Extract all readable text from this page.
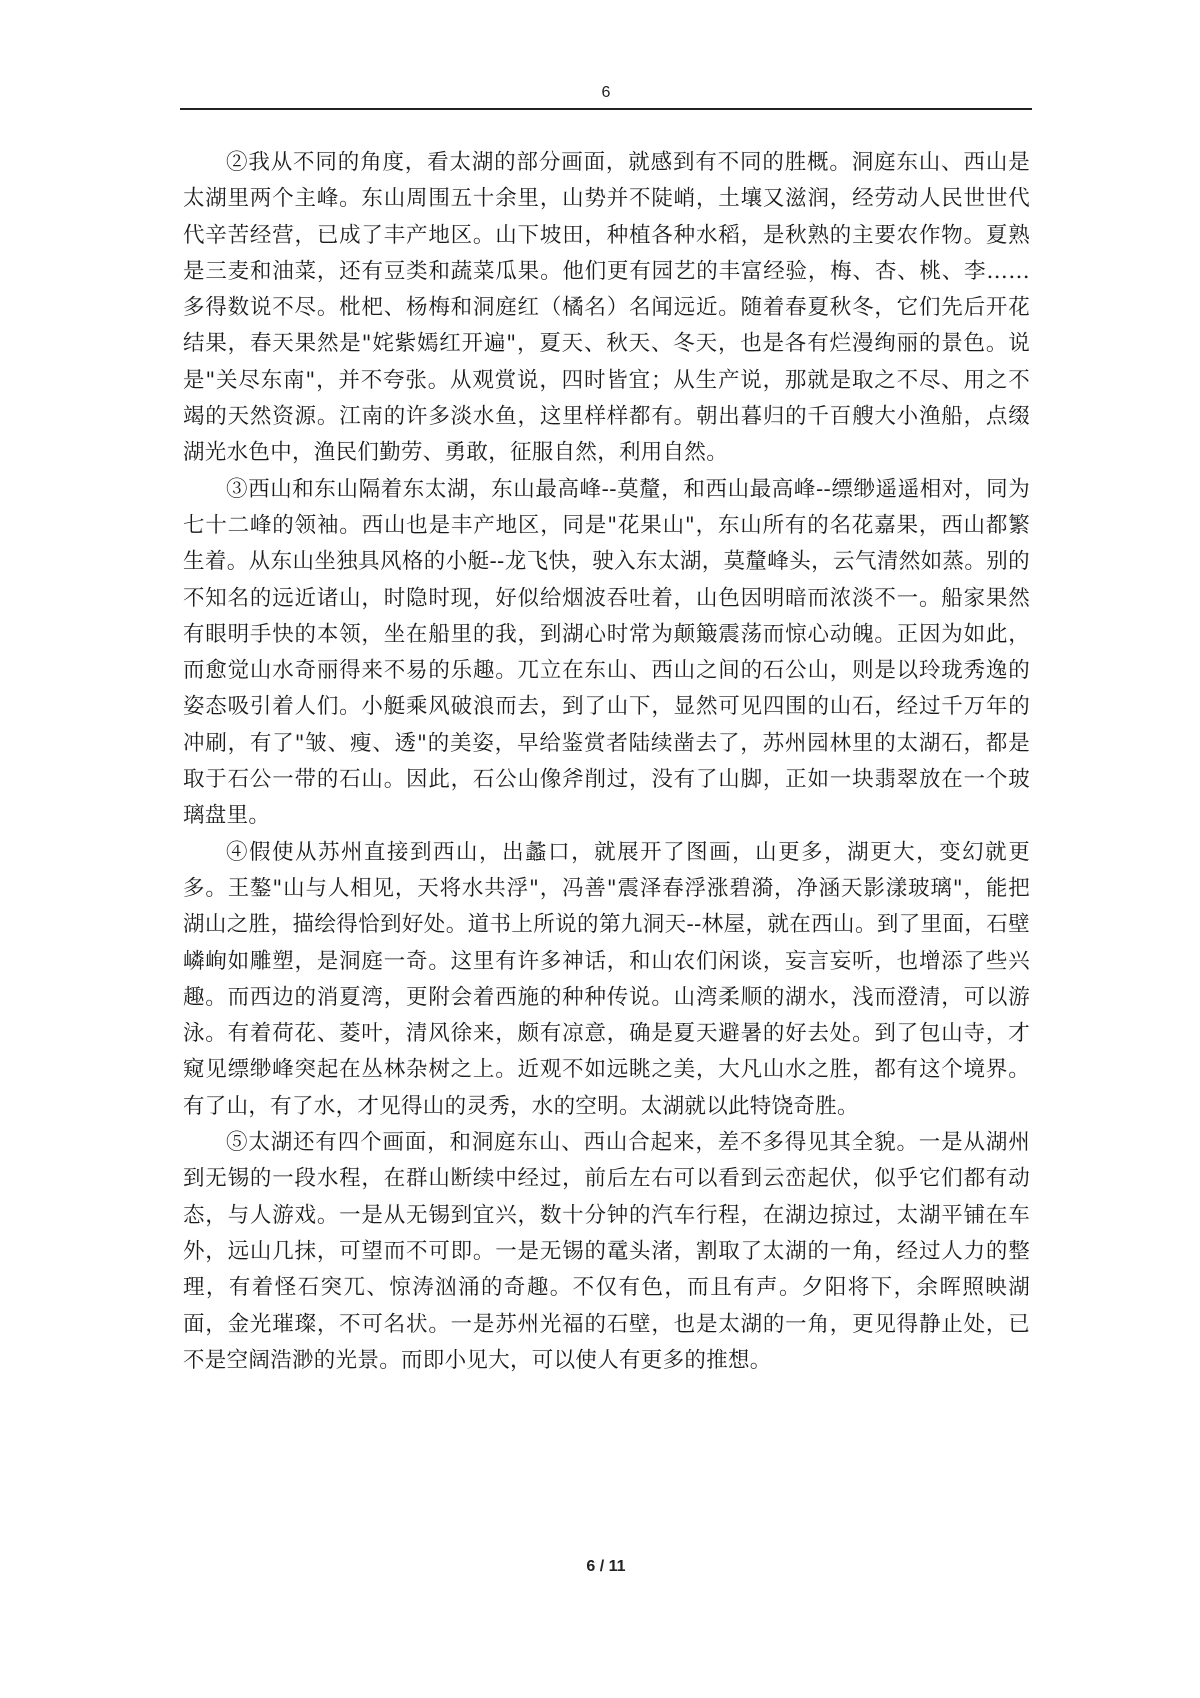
6

②我从不同的角度，看太湖的部分画面，就感到有不同的胜概。洞庭东山、西山是太湖里两个主峰。东山周围五十余里，山势并不陡峭，土壤又滋润，经劳动人民世世代代辛苦经营，已成了丰产地区。山下坡田，种植各种水稻，是秋熟的主要农作物。夏熟是三麦和油菜，还有豆类和蔬菜瓜果。他们更有园艺的丰富经验，梅、杏、桃、李……多得数说不尽。枇杷、杨梅和洞庭红（橘名）名闻远近。随着春夏秋冬，它们先后开花结果，春天果然是"姹紫嫣红开遍"，夏天、秋天、冬天，也是各有烂漫绚丽的景色。说是"关尽东南"，并不夸张。从观赏说，四时皆宜；从生产说，那就是取之不尽、用之不竭的天然资源。江南的许多淡水鱼，这里样样都有。朝出暮归的千百艘大小渔船，点缀湖光水色中，渔民们勤劳、勇敢，征服自然，利用自然。

③西山和东山隔着东太湖，东山最高峰--莫釐，和西山最高峰--缥缈遥遥相对，同为七十二峰的领袖。西山也是丰产地区，同是"花果山"，东山所有的名花嘉果，西山都繁生着。从东山坐独具风格的小艇--龙飞快，驶入东太湖，莫釐峰头，云气清然如蒸。别的不知名的远近诸山，时隐时现，好似给烟波吞吐着，山色因明暗而浓淡不一。船家果然有眼明手快的本领，坐在船里的我，到湖心时常为颠簸震荡而惊心动魄。正因为如此，而愈觉山水奇丽得来不易的乐趣。兀立在东山、西山之间的石公山，则是以玲珑秀逸的姿态吸引着人们。小艇乘风破浪而去，到了山下，显然可见四围的山石，经过千万年的冲刷，有了"皱、瘦、透"的美姿，早给鉴赏者陆续凿去了，苏州园林里的太湖石，都是取于石公一带的石山。因此，石公山像斧削过，没有了山脚，正如一块翡翠放在一个玻璃盘里。

④假使从苏州直接到西山，出蠡口，就展开了图画，山更多，湖更大，变幻就更多。王鏊"山与人相见，天将水共浮"，冯善"震泽春浮涨碧漪，净涵天影漾玻璃"，能把湖山之胜，描绘得恰到好处。道书上所说的第九洞天--林屋，就在西山。到了里面，石壁嶙峋如雕塑，是洞庭一奇。这里有许多神话，和山农们闲谈，妄言妄听，也增添了些兴趣。而西边的消夏湾，更附会着西施的种种传说。山湾柔顺的湖水，浅而澄清，可以游泳。有着荷花、菱叶，清风徐来，颇有凉意，确是夏天避暑的好去处。到了包山寺，才窥见缥缈峰突起在丛林杂树之上。近观不如远眺之美，大凡山水之胜，都有这个境界。有了山，有了水，才见得山的灵秀，水的空明。太湖就以此特饶奇胜。

⑤太湖还有四个画面，和洞庭东山、西山合起来，差不多得见其全貌。一是从湖州到无锡的一段水程，在群山断续中经过，前后左右可以看到云峦起伏，似乎它们都有动态，与人游戏。一是从无锡到宜兴，数十分钟的汽车行程，在湖边掠过，太湖平铺在车外，远山几抹，可望而不可即。一是无锡的鼋头渚，割取了太湖的一角，经过人力的整理，有着怪石突兀、惊涛汹涌的奇趣。不仅有色，而且有声。夕阳将下，余晖照映湖面，金光璀璨，不可名状。一是苏州光福的石壁，也是太湖的一角，更见得静止处，已不是空阔浩渺的光景。而即小见大，可以使人有更多的推想。

6 / 11
